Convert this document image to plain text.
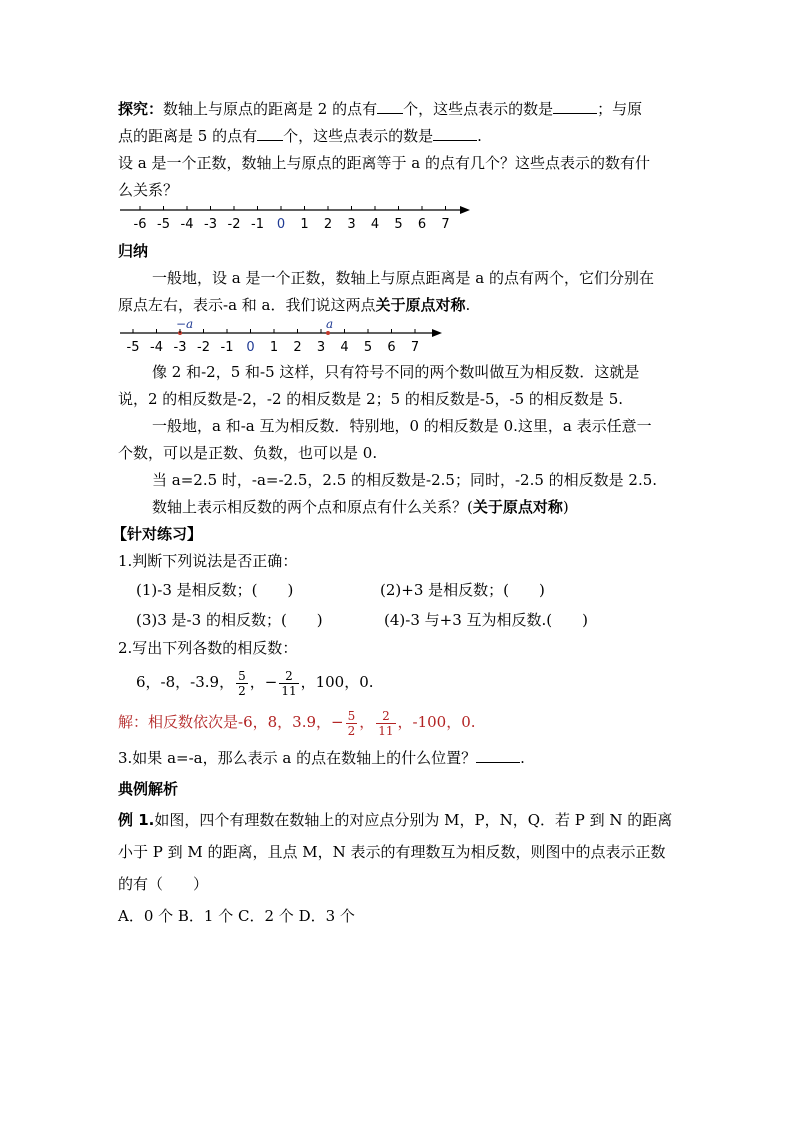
探究：数轴上与原点的距离是 2 的点有 个，这些点表示的数是	；与原
点的距离是 5 的点有 个，这些点表示的数是	.
设 a 是一个正数，数轴上与原点的距离等于 a 的点有几个？这些点表示的数有什
么关系？
-6 -5 -4 -3 -2 -1 0 1 2 3 4 5 6 7
归纳
一般地，设 a 是一个正数，数轴上与原点距离是 a 的点有两个，它们分别在
原点左右，表示-a 和 a．我们说这两点关于原点对称.
−a	a
-5 -4 -3 -2 -1 0 1 2 3 4 5 6 7
像 2 和-2，5 和-5 这样，只有符号不同的两个数叫做互为相反数．这就是
说，2 的相反数是-2，-2 的相反数是 2；5 的相反数是-5，-5 的相反数是 5.
一般地，a 和-a 互为相反数．特别地，0 的相反数是 0.这里，a 表示任意一
个数，可以是正数、负数，也可以是 0.
当 a=2.5 时，-a=-2.5，2.5 的相反数是-2.5；同时，-2.5 的相反数是 2.5.
数轴上表示相反数的两个点和原点有什么关系？(关于原点对称)
【针对练习】
1.判断下列说法是否正确：
(1)-3 是相反数；(　　)	(2)+3 是相反数；(　　)
(3)3 是-3 的相反数；(　　)	(4)-3 与+3 互为相反数.(　　)
2.写出下列各数的相反数：
6，-8，-3.9， $\frac{5}{2}$ ，− $\frac{2}{11}$ ，100，0.
解：相反数依次是-6，8，3.9，− $\frac{5}{2}$ ， $\frac{2}{11}$ ，-100，0.
3.如果 a=-a，那么表示 a 的点在数轴上的什么位置？	.
典例解析
例 1.如图，四个有理数在数轴上的对应点分别为 M，P，N，Q．若 P 到 N 的距离
小于 P 到 M 的距离，且点 M，N 表示的有理数互为相反数，则图中的点表示正数
的有（　　）
A．0 个 B．1 个 C．2 个 D．3 个
